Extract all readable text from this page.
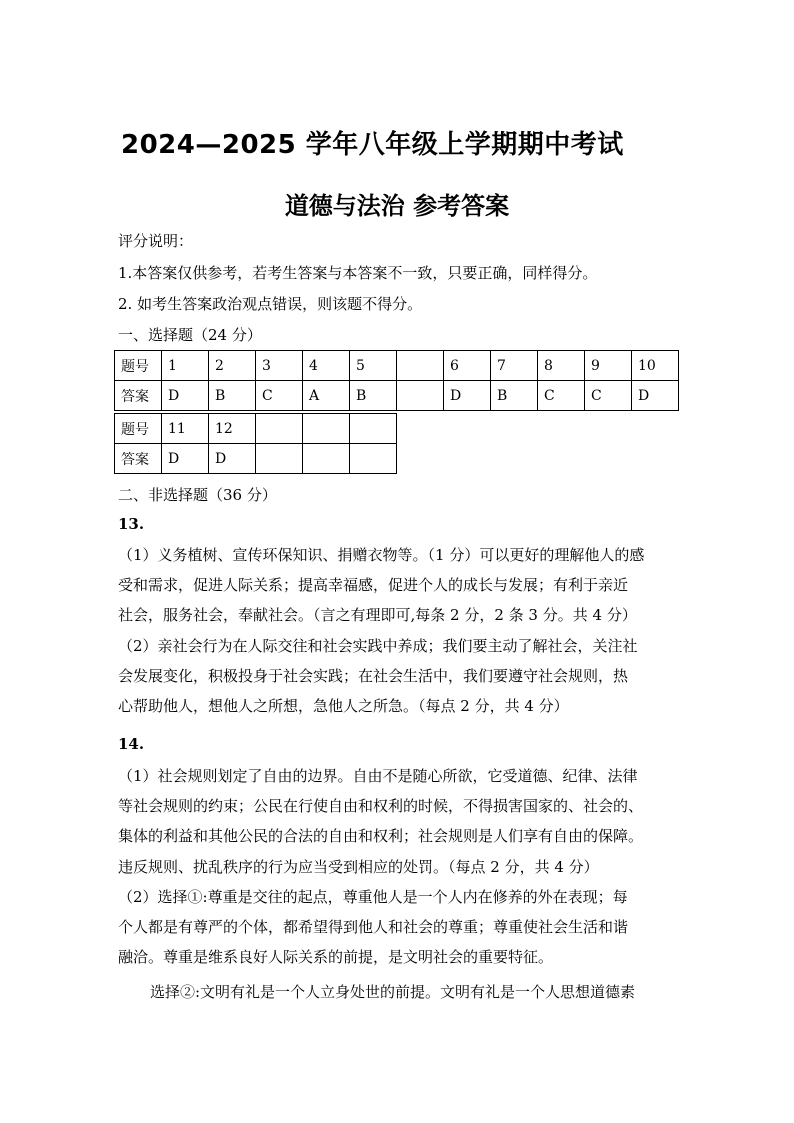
2024—2025 学年八年级上学期期中考试
道德与法治 参考答案
评分说明：
1.本答案仅供参考，若考生答案与本答案不一致，只要正确，同样得分。
2. 如考生答案政治观点错误，则该题不得分。
一、选择题（24 分）
题号	1	2	3	4	5		6	7	8	9	10
答案	D	B	C	A	B		D	B	C	C	D
题号	11	12			
答案	D	D			
二、非选择题（36 分）
13.
（1）义务植树、宣传环保知识、捐赠衣物等。（1 分）可以更好的理解他人的感
受和需求，促进人际关系；提高幸福感，促进个人的成长与发展；有利于亲近
社会，服务社会，奉献社会。（言之有理即可,每条 2 分，2 条 3 分。共 4 分）
（2）亲社会行为在人际交往和社会实践中养成；我们要主动了解社会，关注社
会发展变化，积极投身于社会实践；在社会生活中，我们要遵守社会规则，热
心帮助他人，想他人之所想，急他人之所急。（每点 2 分，共 4 分）
14.
（1）社会规则划定了自由的边界。自由不是随心所欲，它受道德、纪律、法律
等社会规则的约束；公民在行使自由和权利的时候，不得损害国家的、社会的、
集体的利益和其他公民的合法的自由和权利；社会规则是人们享有自由的保障。
违反规则、扰乱秩序的行为应当受到相应的处罚。（每点 2 分，共 4 分）
（2）选择①:尊重是交往的起点，尊重他人是一个人内在修养的外在表现；每
个人都是有尊严的个体，都希望得到他人和社会的尊重；尊重使社会生活和谐
融洽。尊重是维系良好人际关系的前提，是文明社会的重要特征。
选择②:文明有礼是一个人立身处世的前提。文明有礼是一个人思想道德素
